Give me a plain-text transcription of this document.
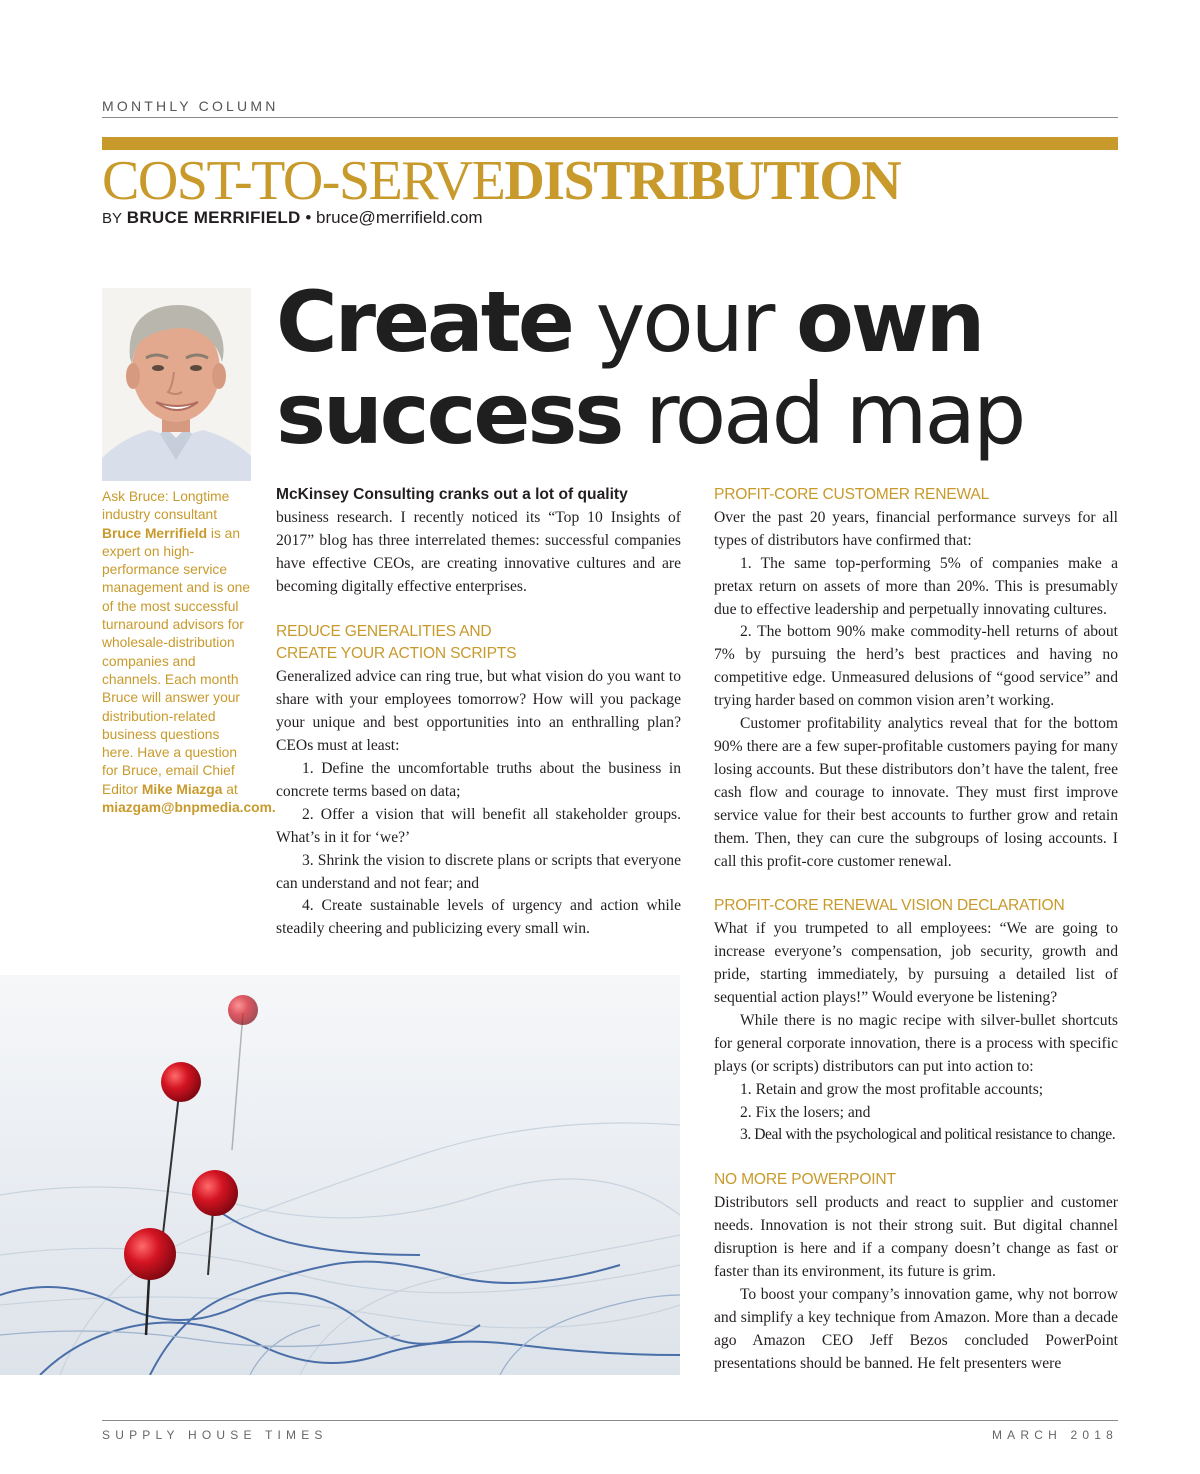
MONTHLY COLUMN
COST-TO-SERVEDISTRIBUTION
BY BRUCE MERRIFIELD • bruce@merrifield.com
Create your own
success road map
Ask Bruce: Longtime industry consultant Bruce Merrifield is an expert on high-performance service management and is one of the most successful turnaround advisors for wholesale-distribution companies and channels. Each month Bruce will answer your distribution-related business questions here. Have a question for Bruce, email Chief Editor Mike Miazga at miazgam@bnpmedia.com.

McKinsey Consulting cranks out a lot of quality

business research. I recently noticed its “Top 10 Insights of 2017” blog has three interrelated themes: successful companies have effective CEOs, are creating innovative cultures and are becoming digitally effective enterprises.

REDUCE GENERALITIES AND
CREATE YOUR ACTION SCRIPTS

Generalized advice can ring true, but what vision do you want to share with your employees tomorrow? How will you package your unique and best opportunities into an enthralling plan? CEOs must at least:

1. Define the uncomfortable truths about the business in concrete terms based on data;

2. Offer a vision that will benefit all stakeholder groups. What’s in it for ‘we?’

3. Shrink the vision to discrete plans or scripts that everyone can understand and not fear; and

4. Create sustainable levels of urgency and action while steadily cheering and publicizing every small win.

PROFIT-CORE CUSTOMER RENEWAL

Over the past 20 years, financial performance surveys for all types of distributors have confirmed that:

1. The same top-performing 5% of companies make a pretax return on assets of more than 20%. This is presumably due to effective leadership and perpetually innovating cultures.

2. The bottom 90% make commodity-hell returns of about 7% by pursuing the herd’s best practices and having no competitive edge. Unmeasured delusions of “good service” and trying harder based on common vision aren’t working.

Customer profitability analytics reveal that for the bottom 90% there are a few super-profitable customers paying for many losing accounts. But these distributors don’t have the talent, free cash flow and courage to innovate. They must first improve service value for their best accounts to further grow and retain them. Then, they can cure the subgroups of losing accounts. I call this profit-core customer renewal.

PROFIT-CORE RENEWAL VISION DECLARATION

What if you trumpeted to all employees: “We are going to increase everyone’s compensation, job security, growth and pride, starting immediately, by pursuing a detailed list of sequential action plays!” Would everyone be listening?

While there is no magic recipe with silver-bullet shortcuts for general corporate innovation, there is a process with specific plays (or scripts) distributors can put into action to:

1. Retain and grow the most profitable accounts;

2. Fix the losers; and

3. Deal with the psychological and political resistance to change.

NO MORE POWERPOINT

Distributors sell products and react to supplier and customer needs. Innovation is not their strong suit. But digital channel disruption is here and if a company doesn’t change as fast or faster than its environment, its future is grim.

To boost your company’s innovation game, why not borrow and simplify a key technique from Amazon. More than a decade ago Amazon CEO Jeff Bezos concluded PowerPoint presentations should be banned. He felt presenters were

SUPPLY HOUSE TIMES	MARCH 2018
